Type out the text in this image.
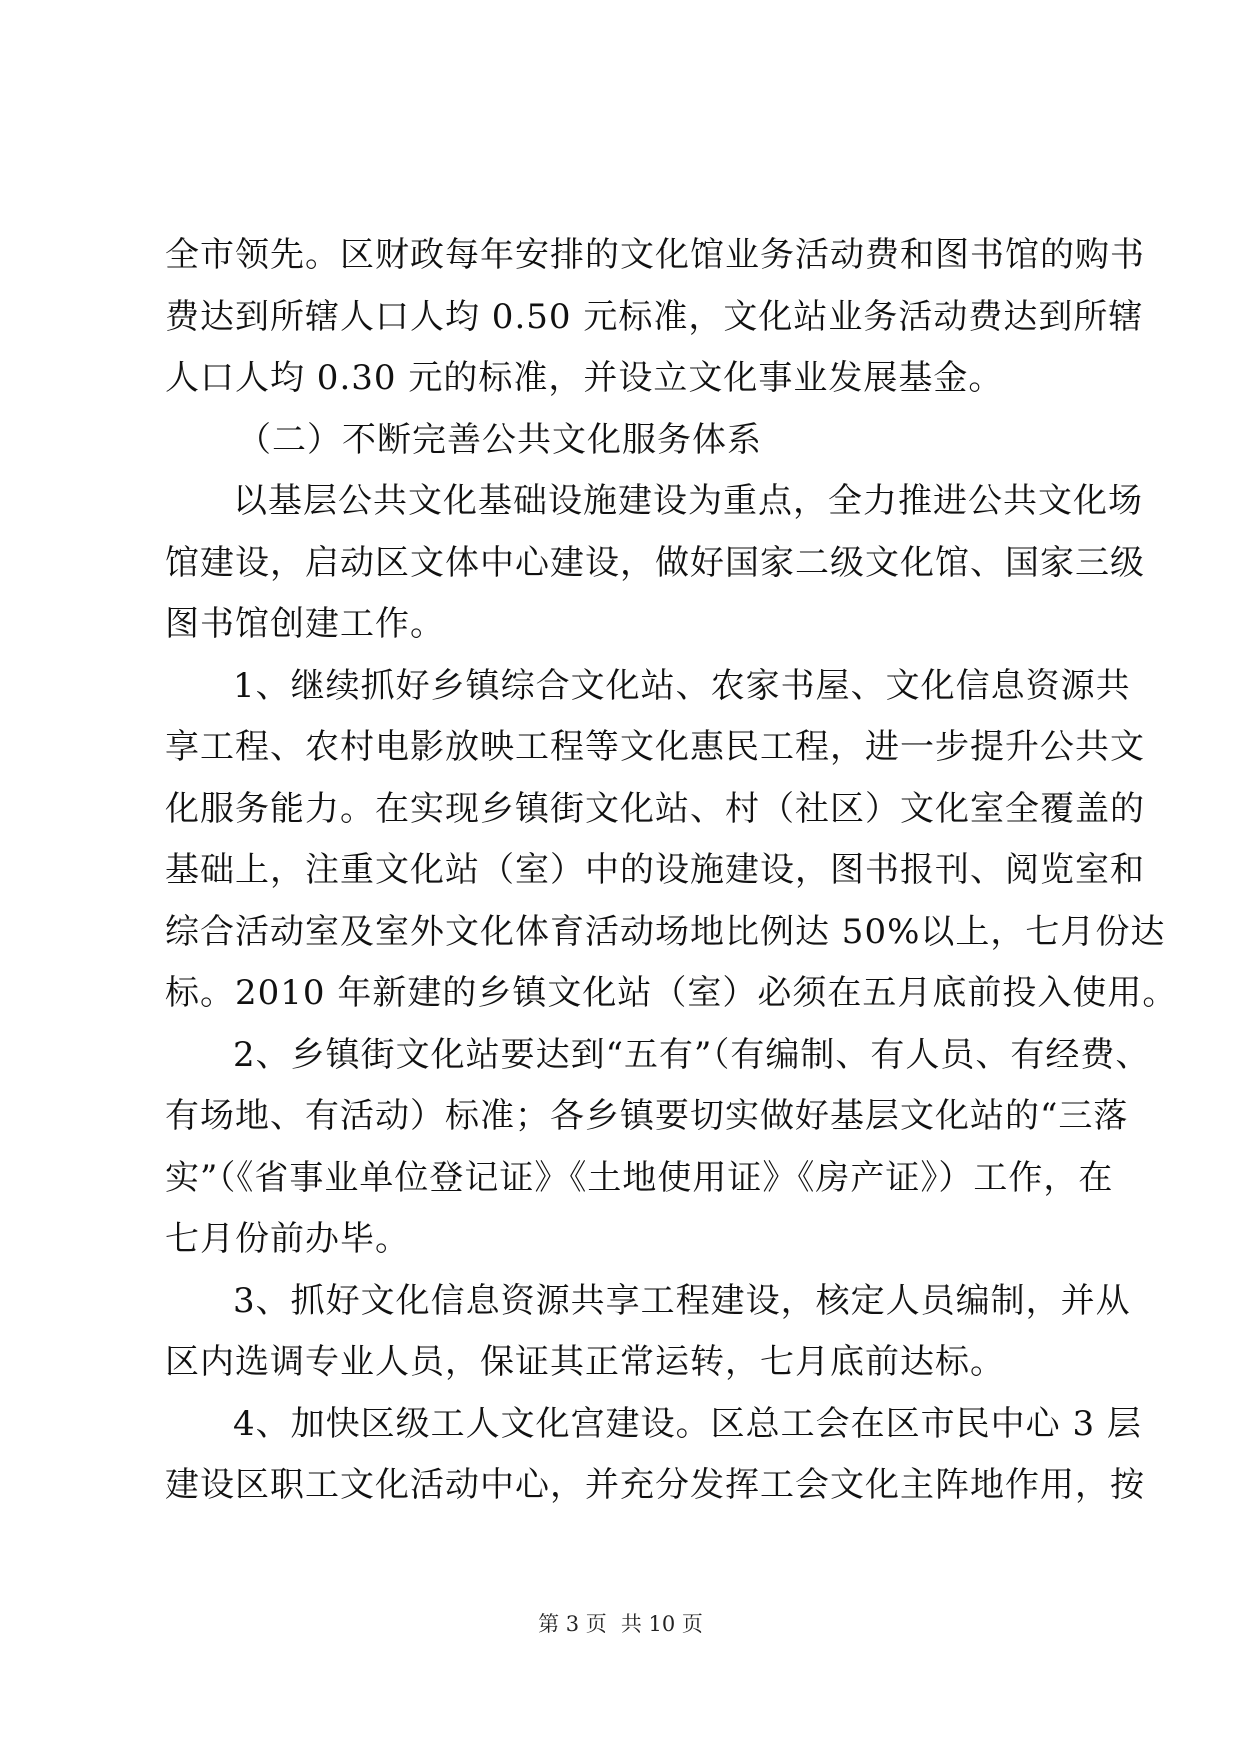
全市领先。区财政每年安排的文化馆业务活动费和图书馆的购书
费达到所辖人口人均 0.50 元标准，文化站业务活动费达到所辖
人口人均 0.30 元的标准，并设立文化事业发展基金。
（二）不断完善公共文化服务体系
以基层公共文化基础设施建设为重点，全力推进公共文化场
馆建设，启动区文体中心建设，做好国家二级文化馆、国家三级
图书馆创建工作。
1、继续抓好乡镇综合文化站、农家书屋、文化信息资源共
享工程、农村电影放映工程等文化惠民工程，进一步提升公共文
化服务能力。在实现乡镇街文化站、村（社区）文化室全覆盖的
基础上，注重文化站（室）中的设施建设，图书报刊、阅览室和
综合活动室及室外文化体育活动场地比例达 50%以上，七月份达
标。2010 年新建的乡镇文化站（室）必须在五月底前投入使用。
2、乡镇街文化站要达到“五有”（有编制、有人员、有经费、
有场地、有活动）标准；各乡镇要切实做好基层文化站的“三落
实”（《省事业单位登记证》《土地使用证》《房产证》）工作，在
七月份前办毕。
3、抓好文化信息资源共享工程建设，核定人员编制，并从
区内选调专业人员，保证其正常运转，七月底前达标。
4、加快区级工人文化宫建设。区总工会在区市民中心 3 层
建设区职工文化活动中心，并充分发挥工会文化主阵地作用，按
第 3 页 共 10 页
